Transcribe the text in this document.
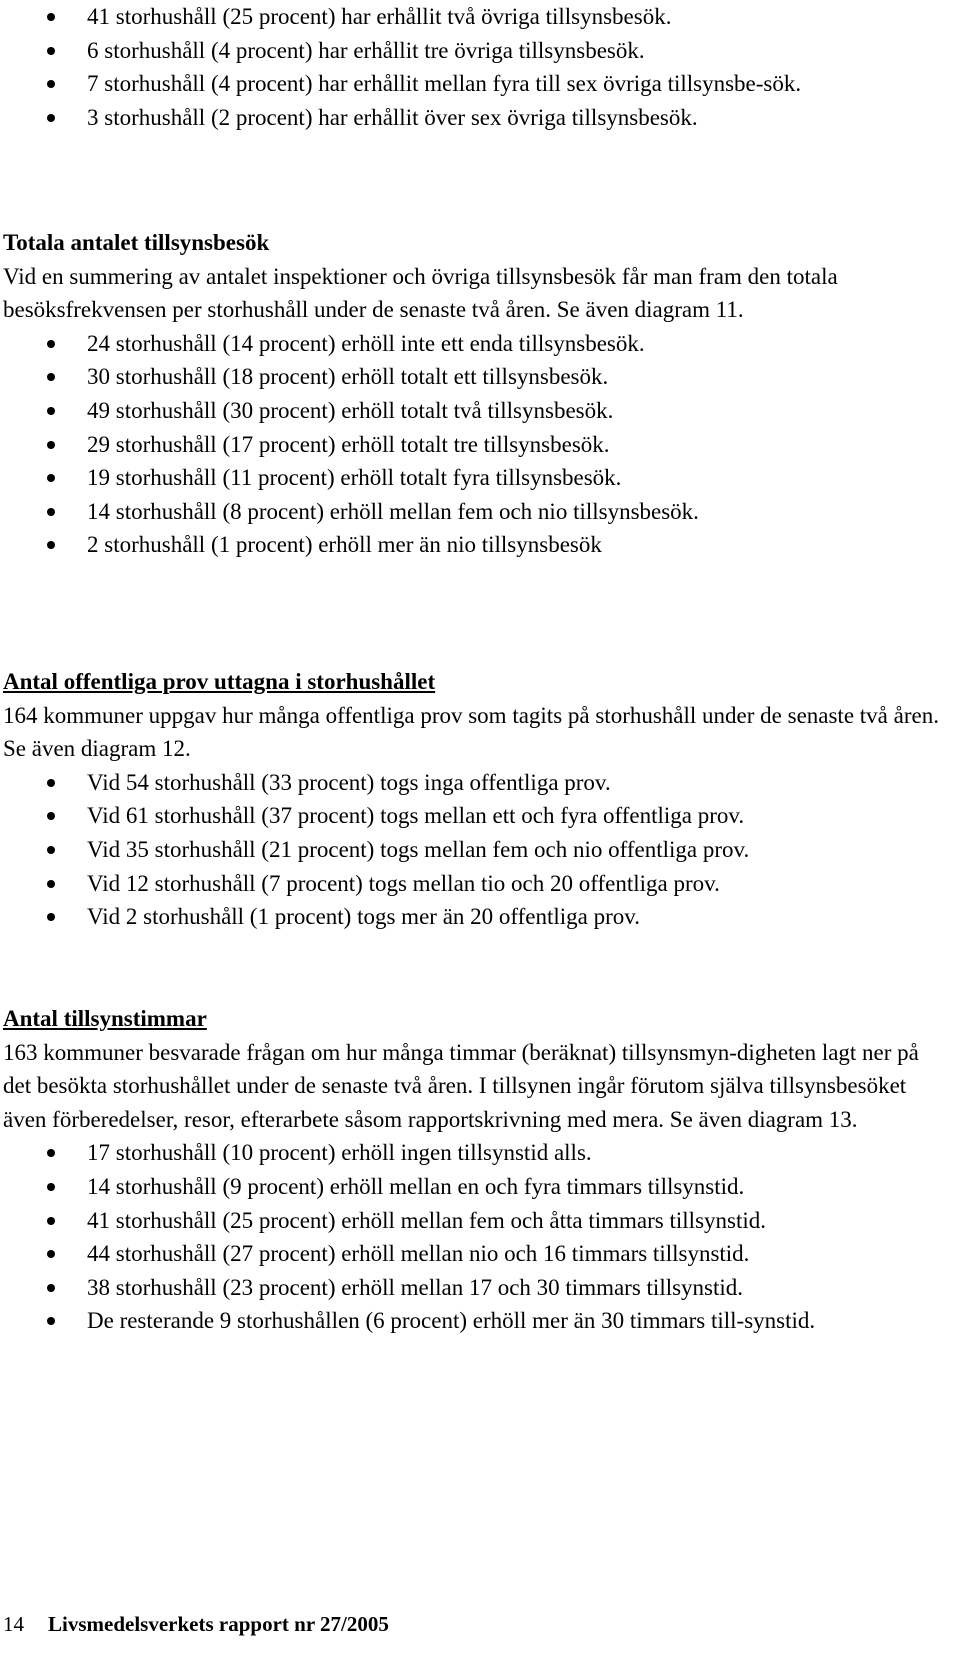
41 storhushåll (25 procent) har erhållit två övriga tillsynsbesök.
6 storhushåll (4 procent) har erhållit tre övriga tillsynsbesök.
7 storhushåll (4 procent) har erhållit mellan fyra till sex övriga tillsynsbe-sök.
3 storhushåll (2 procent) har erhållit över sex övriga tillsynsbesök.
Totala antalet tillsynsbesök

Vid en summering av antalet inspektioner och övriga tillsynsbesök får man fram den totala besöksfrekvensen per storhushåll under de senaste två åren. Se även diagram 11.

24 storhushåll (14 procent) erhöll inte ett enda tillsynsbesök.
30 storhushåll (18 procent) erhöll totalt ett tillsynsbesök.
49 storhushåll (30 procent) erhöll totalt två tillsynsbesök.
29 storhushåll (17 procent) erhöll totalt tre tillsynsbesök.
19 storhushåll (11 procent) erhöll totalt fyra tillsynsbesök.
14 storhushåll (8 procent) erhöll mellan fem och nio tillsynsbesök.
2 storhushåll (1 procent) erhöll mer än nio tillsynsbesök
Antal offentliga prov uttagna i storhushållet

164 kommuner uppgav hur många offentliga prov som tagits på storhushåll under de senaste två åren. Se även diagram 12.

Vid 54 storhushåll (33 procent) togs inga offentliga prov.
Vid 61 storhushåll (37 procent) togs mellan ett och fyra offentliga prov.
Vid 35 storhushåll (21 procent) togs mellan fem och nio offentliga prov.
Vid 12 storhushåll (7 procent) togs mellan tio och 20 offentliga prov.
Vid 2 storhushåll (1 procent) togs mer än 20 offentliga prov.
Antal tillsynstimmar

163 kommuner besvarade frågan om hur många timmar (beräknat) tillsynsmyn-digheten lagt ner på det besökta storhushållet under de senaste två åren. I tillsynen ingår förutom själva tillsynsbesöket även förberedelser, resor, efterarbete såsom rapportskrivning med mera. Se även diagram 13.

17 storhushåll (10 procent) erhöll ingen tillsynstid alls.
14 storhushåll (9 procent) erhöll mellan en och fyra timmars tillsynstid.
41 storhushåll (25 procent) erhöll mellan fem och åtta timmars tillsynstid.
44 storhushåll (27 procent) erhöll mellan nio och 16 timmars tillsynstid.
38 storhushåll (23 procent) erhöll mellan 17 och 30 timmars tillsynstid.
De resterande 9 storhushållen (6 procent) erhöll mer än 30 timmars till-synstid.
14 Livsmedelsverkets rapport nr 27/2005
